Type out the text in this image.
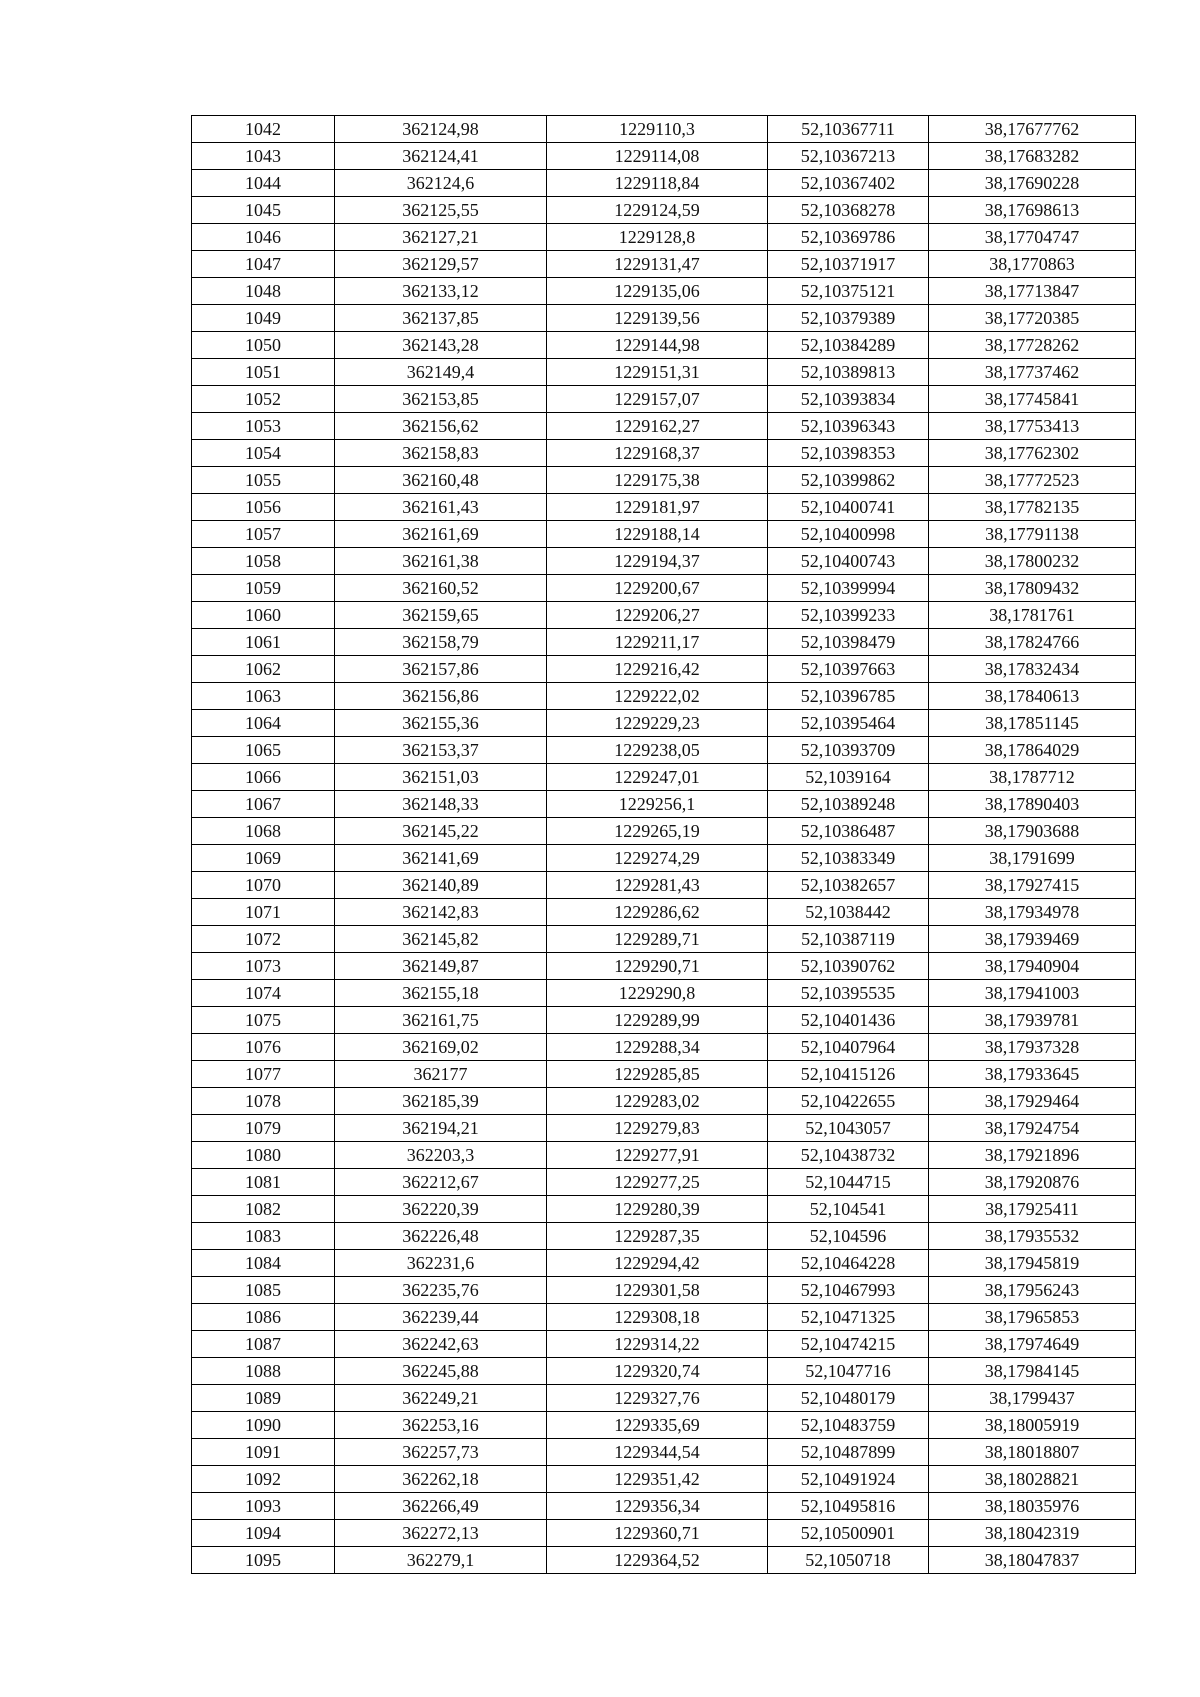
1042	362124,98	1229110,3	52,10367711	38,17677762
1043	362124,41	1229114,08	52,10367213	38,17683282
1044	362124,6	1229118,84	52,10367402	38,17690228
1045	362125,55	1229124,59	52,10368278	38,17698613
1046	362127,21	1229128,8	52,10369786	38,17704747
1047	362129,57	1229131,47	52,10371917	38,1770863
1048	362133,12	1229135,06	52,10375121	38,17713847
1049	362137,85	1229139,56	52,10379389	38,17720385
1050	362143,28	1229144,98	52,10384289	38,17728262
1051	362149,4	1229151,31	52,10389813	38,17737462
1052	362153,85	1229157,07	52,10393834	38,17745841
1053	362156,62	1229162,27	52,10396343	38,17753413
1054	362158,83	1229168,37	52,10398353	38,17762302
1055	362160,48	1229175,38	52,10399862	38,17772523
1056	362161,43	1229181,97	52,10400741	38,17782135
1057	362161,69	1229188,14	52,10400998	38,17791138
1058	362161,38	1229194,37	52,10400743	38,17800232
1059	362160,52	1229200,67	52,10399994	38,17809432
1060	362159,65	1229206,27	52,10399233	38,1781761
1061	362158,79	1229211,17	52,10398479	38,17824766
1062	362157,86	1229216,42	52,10397663	38,17832434
1063	362156,86	1229222,02	52,10396785	38,17840613
1064	362155,36	1229229,23	52,10395464	38,17851145
1065	362153,37	1229238,05	52,10393709	38,17864029
1066	362151,03	1229247,01	52,1039164	38,1787712
1067	362148,33	1229256,1	52,10389248	38,17890403
1068	362145,22	1229265,19	52,10386487	38,17903688
1069	362141,69	1229274,29	52,10383349	38,1791699
1070	362140,89	1229281,43	52,10382657	38,17927415
1071	362142,83	1229286,62	52,1038442	38,17934978
1072	362145,82	1229289,71	52,10387119	38,17939469
1073	362149,87	1229290,71	52,10390762	38,17940904
1074	362155,18	1229290,8	52,10395535	38,17941003
1075	362161,75	1229289,99	52,10401436	38,17939781
1076	362169,02	1229288,34	52,10407964	38,17937328
1077	362177	1229285,85	52,10415126	38,17933645
1078	362185,39	1229283,02	52,10422655	38,17929464
1079	362194,21	1229279,83	52,1043057	38,17924754
1080	362203,3	1229277,91	52,10438732	38,17921896
1081	362212,67	1229277,25	52,1044715	38,17920876
1082	362220,39	1229280,39	52,104541	38,17925411
1083	362226,48	1229287,35	52,104596	38,17935532
1084	362231,6	1229294,42	52,10464228	38,17945819
1085	362235,76	1229301,58	52,10467993	38,17956243
1086	362239,44	1229308,18	52,10471325	38,17965853
1087	362242,63	1229314,22	52,10474215	38,17974649
1088	362245,88	1229320,74	52,1047716	38,17984145
1089	362249,21	1229327,76	52,10480179	38,1799437
1090	362253,16	1229335,69	52,10483759	38,18005919
1091	362257,73	1229344,54	52,10487899	38,18018807
1092	362262,18	1229351,42	52,10491924	38,18028821
1093	362266,49	1229356,34	52,10495816	38,18035976
1094	362272,13	1229360,71	52,10500901	38,18042319
1095	362279,1	1229364,52	52,1050718	38,18047837
